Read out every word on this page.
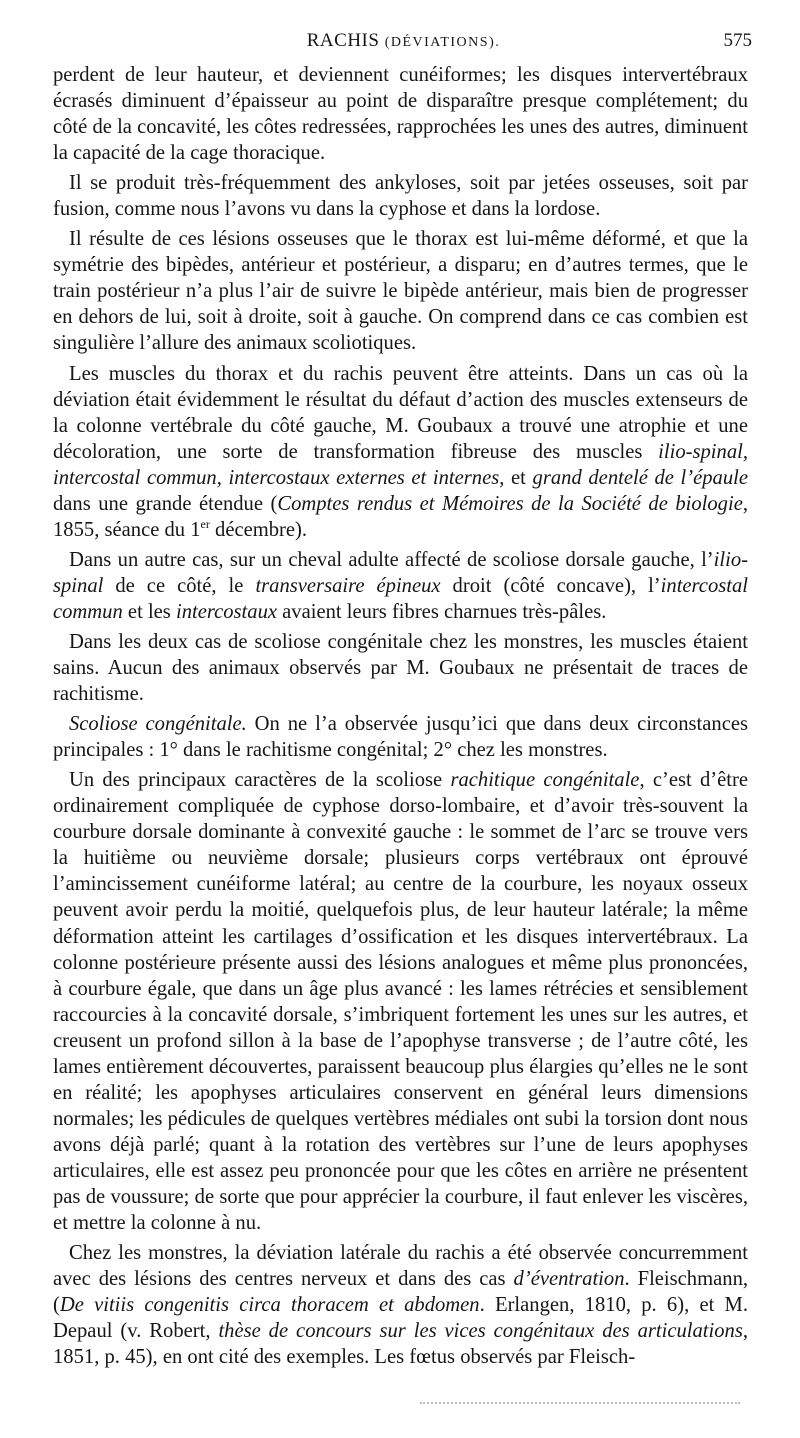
RACHIS (DÉVIATIONS).	575

perdent de leur hauteur, et deviennent cunéiformes; les disques intervertébraux écrasés diminuent d’épaisseur au point de disparaître presque complétement; du côté de la concavité, les côtes redressées, rapprochées les unes des autres, diminuent la capacité de la cage thoracique.

Il se produit très-fréquemment des ankyloses, soit par jetées osseuses, soit par fusion, comme nous l’avons vu dans la cyphose et dans la lordose.

Il résulte de ces lésions osseuses que le thorax est lui-même déformé, et que la symétrie des bipèdes, antérieur et postérieur, a disparu; en d’autres termes, que le train postérieur n’a plus l’air de suivre le bipède antérieur, mais bien de progresser en dehors de lui, soit à droite, soit à gauche. On comprend dans ce cas combien est singulière l’allure des animaux scoliotiques.

Les muscles du thorax et du rachis peuvent être atteints. Dans un cas où la déviation était évidemment le résultat du défaut d’action des muscles extenseurs de la colonne vertébrale du côté gauche, M. Goubaux a trouvé une atrophie et une décoloration, une sorte de transformation fibreuse des muscles ilio-spinal, intercostal commun, intercostaux externes et internes, et grand dentelé de l’épaule dans une grande étendue (Comptes rendus et Mémoires de la Société de biologie, 1855, séance du 1er décembre).

Dans un autre cas, sur un cheval adulte affecté de scoliose dorsale gauche, l’ilio-spinal de ce côté, le transversaire épineux droit (côté concave), l’intercostal commun et les intercostaux avaient leurs fibres charnues très-pâles.

Dans les deux cas de scoliose congénitale chez les monstres, les muscles étaient sains. Aucun des animaux observés par M. Goubaux ne présentait de traces de rachitisme.

Scoliose congénitale. On ne l’a observée jusqu’ici que dans deux circonstances principales : 1° dans le rachitisme congénital; 2° chez les monstres.

Un des principaux caractères de la scoliose rachitique congénitale, c’est d’être ordinairement compliquée de cyphose dorso-lombaire, et d’avoir très-souvent la courbure dorsale dominante à convexité gauche : le sommet de l’arc se trouve vers la huitième ou neuvième dorsale; plusieurs corps vertébraux ont éprouvé l’amincissement cunéiforme latéral; au centre de la courbure, les noyaux osseux peuvent avoir perdu la moitié, quelquefois plus, de leur hauteur latérale; la même déformation atteint les cartilages d’ossification et les disques intervertébraux. La colonne postérieure présente aussi des lésions analogues et même plus prononcées, à courbure égale, que dans un âge plus avancé : les lames rétrécies et sensiblement raccourcies à la concavité dorsale, s’imbriquent fortement les unes sur les autres, et creusent un profond sillon à la base de l’apophyse transverse ; de l’autre côté, les lames entièrement découvertes, paraissent beaucoup plus élargies qu’elles ne le sont en réalité; les apophyses articulaires conservent en général leurs dimensions normales; les pédicules de quelques vertèbres médiales ont subi la torsion dont nous avons déjà parlé; quant à la rotation des vertèbres sur l’une de leurs apophyses articulaires, elle est assez peu prononcée pour que les côtes en arrière ne présentent pas de voussure; de sorte que pour apprécier la courbure, il faut enlever les viscères, et mettre la colonne à nu.

Chez les monstres, la déviation latérale du rachis a été observée concurremment avec des lésions des centres nerveux et dans des cas d’éventration. Fleischmann, (De vitiis congenitis circa thoracem et abdomen. Erlangen, 1810, p. 6), et M. Depaul (v. Robert, thèse de concours sur les vices congénitaux des articulations, 1851, p. 45), en ont cité des exemples. Les fœtus observés par Fleisch-
